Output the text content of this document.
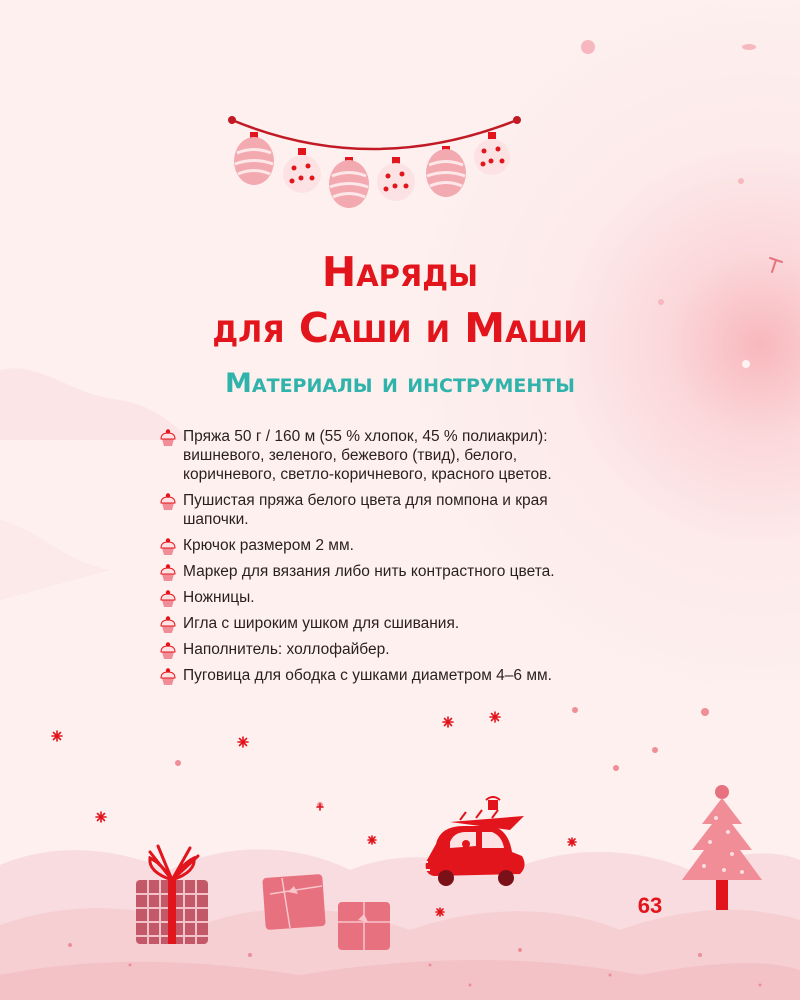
Наряды
для Саши и Маши
Материалы и инструменты
Пряжа 50 г / 160 м (55 % хлопок, 45 % полиакрил): вишневого, зеленого, бежевого (твид), белого, коричневого, светло-коричневого, красного цветов.
Пушистая пряжа белого цвета для помпона и края шапочки.
Крючок размером 2 мм.
Маркер для вязания либо нить контрастного цвета.
Ножницы.
Игла с широким ушком для сшивания.
Наполнитель: холлофайбер.
Пуговица для ободка с ушками диаметром 4–6 мм.
63
